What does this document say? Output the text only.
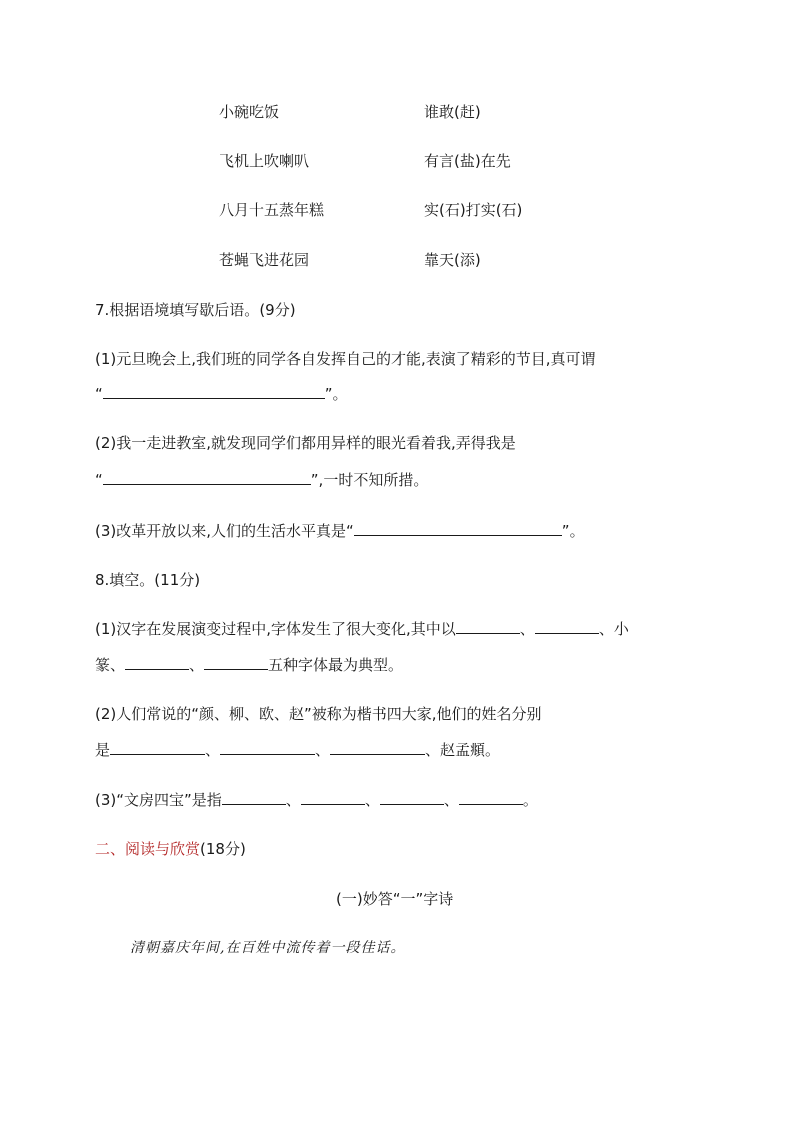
小碗吃饭	谁敢(赶)
飞机上吹喇叭	有言(盐)在先
八月十五蒸年糕	实(石)打实(石)
苍蝇飞进花园	靠天(添)
7.根据语境填写歇后语。(9分)
(1)元旦晚会上,我们班的同学各自发挥自己的才能,表演了精彩的节目,真可谓
“	”。
(2)我一走进教室,就发现同学们都用异样的眼光看着我,弄得我是
“	”,一时不知所措。
(3)改革开放以来,人们的生活水平真是“	”。
8.填空。(11分)
(1)汉字在发展演变过程中,字体发生了很大变化,其中以	、	、小
篆、	、	五种字体最为典型。
(2)人们常说的“颜、柳、欧、赵”被称为楷书四大家,他们的姓名分别
是	、	、	、赵孟頫。
(3)“文房四宝”是指	、	、	、	。
二、阅读与欣赏(18分)
(一)妙答“一”字诗
清朝嘉庆年间,在百姓中流传着一段佳话。
